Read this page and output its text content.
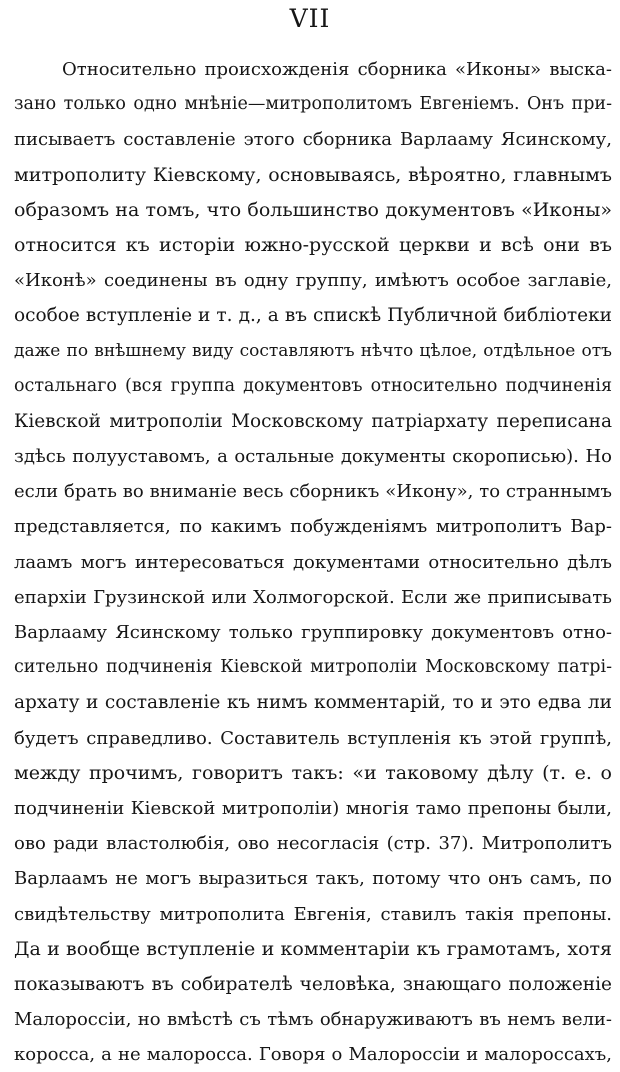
VII
Относительно происхожденія сборника «Иконы» выска-
зано только одно мнѣніе—митрополитомъ Евгеніемъ. Онъ при-
писываетъ составленіе этого сборника Варлааму Ясинскому,
митрополиту Кіевскому, основываясь, вѣроятно, главнымъ
образомъ на томъ, что большинство документовъ «Иконы»
относится къ исторіи южно-русской церкви и всѣ они въ
«Иконѣ» соединены въ одну группу, имѣютъ особое заглавіе,
особое вступленіе и т. д., а въ спискѣ Публичной библіотеки
даже по внѣшнему виду составляютъ нѣчто цѣлое, отдѣльное отъ
остальнаго (вся группа документовъ относительно подчиненія
Кіевской митрополіи Московскому патріархату переписана
здѣсь полууставомъ, а остальные документы скорописью). Но
если брать во вниманіе весь сборникъ «Икону», то страннымъ
представляется, по какимъ побужденіямъ митрополитъ Вар-
лаамъ могъ интересоваться документами относительно дѣлъ
епархіи Грузинской или Холмогорской. Если же приписывать
Варлааму Ясинскому только группировку документовъ отно-
сительно подчиненія Кіевской митрополіи Московскому патрі-
архату и составленіе къ нимъ комментарій, то и это едва ли
будетъ справедливо. Составитель вступленія къ этой группѣ,
между прочимъ, говоритъ такъ: «и таковому дѣлу (т. е. о
подчиненіи Кіевской митрополіи) многія тамо препоны были,
ово ради властолюбія, ово несогласія (стр. 37). Митрополитъ
Варлаамъ не могъ выразиться такъ, потому что онъ самъ, по
свидѣтельству митрополита Евгенія, ставилъ такія препоны.
Да и вообще вступленіе и комментаріи къ грамотамъ, хотя
показываютъ въ собирателѣ человѣка, знающаго положеніе
Малороссіи, но вмѣстѣ съ тѣмъ обнаруживаютъ въ немъ вели-
коросса, а не малоросса. Говоря о Малороссіи и малороссахъ,
